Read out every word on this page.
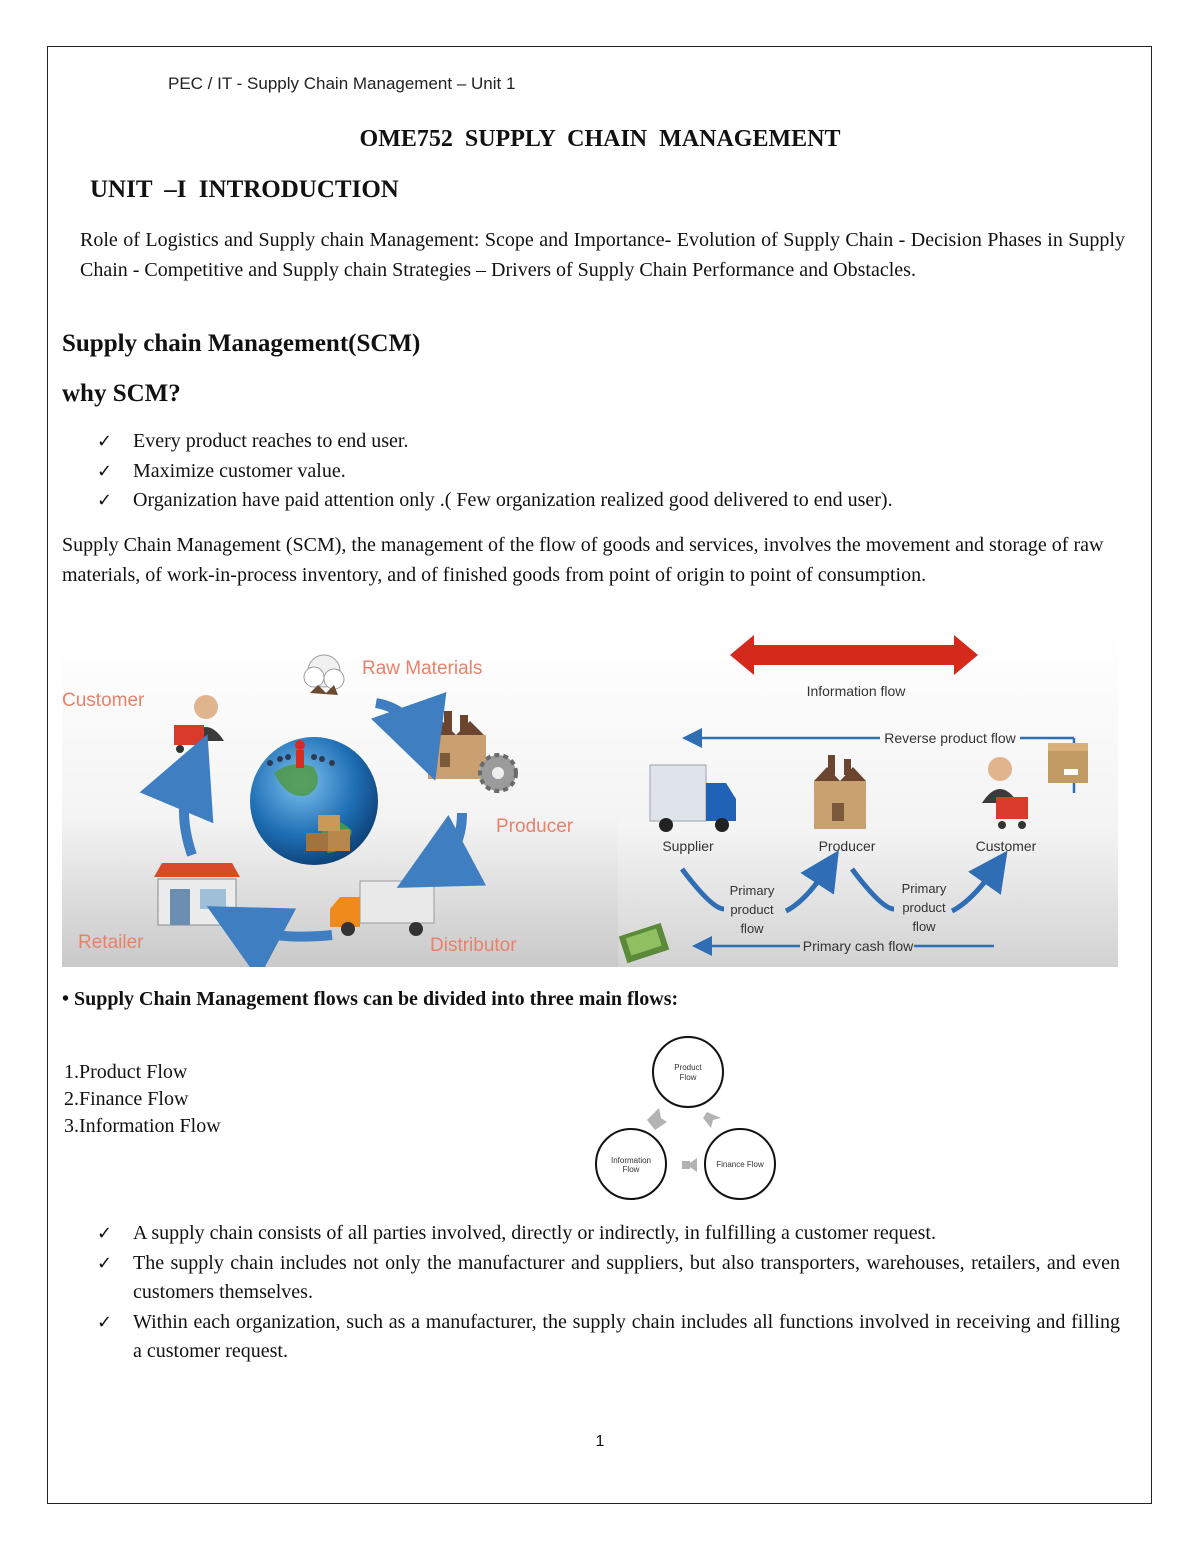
PEC / IT - Supply Chain Management – Unit 1
OME752 SUPPLY CHAIN MANAGEMENT
UNIT –I INTRODUCTION
Role of Logistics and Supply chain Management: Scope and Importance- Evolution of Supply Chain - Decision Phases in Supply Chain - Competitive and Supply chain Strategies – Drivers of Supply Chain Performance and Obstacles.
Supply chain Management(SCM)
why SCM?
✓ Every product reaches to end user.
✓ Maximize customer value.
✓ Organization have paid attention only .( Few organization realized good delivered to end user).
Supply Chain Management (SCM), the management of the flow of goods and services, involves the movement and storage of raw materials, of work-in-process inventory, and of finished goods from point of origin to point of consumption.
Raw Materials
Customer
Producer
Retailer	Distributor
Information flow
Reverse product flow
Supplier	Producer	Customer
Primary
product
flow
Primary
product
flow
Primary cash flow
• Supply Chain Management flows can be divided into three main flows:
1.Product Flow
2.Finance Flow
3.Information Flow
Product
Flow
Information
Flow
Finance Flow
✓ A supply chain consists of all parties involved, directly or indirectly, in fulfilling a customer request.
✓ The supply chain includes not only the manufacturer and suppliers, but also transporters, warehouses, retailers, and even customers themselves.
✓ Within each organization, such as a manufacturer, the supply chain includes all functions involved in receiving and filling a customer request.
1
